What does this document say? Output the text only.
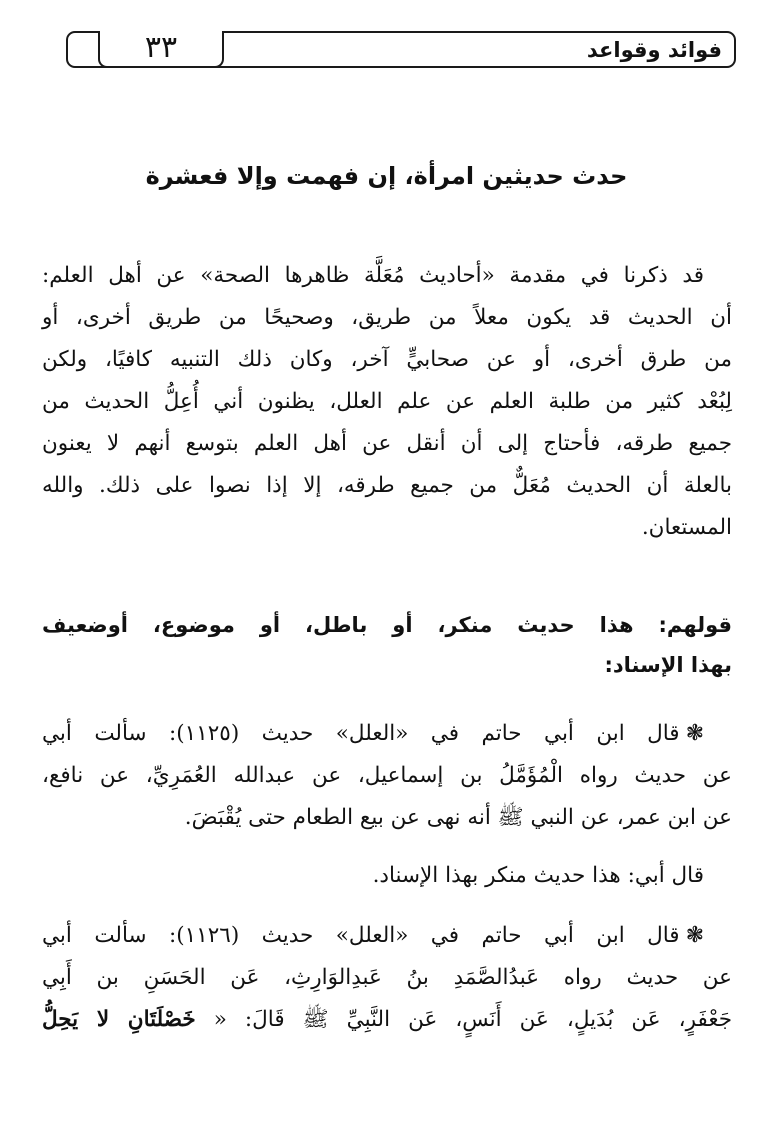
فوائد وقواعد
٣٣
حدث حديثين امرأة، إن فهمت وإلا فعشرة
قد ذكرنا في مقدمة «أحاديث مُعَلَّة ظاهرها الصحة» عن أهل العلم:
أن الحديث قد يكون معلاً من طريق، وصحيحًا من طريق أخرى، أو
من طرق أخرى، أو عن صحابيٍّ آخر، وكان ذلك التنبيه كافيًا، ولكن
لِبُعْد كثير من طلبة العلم عن علم العلل، يظنون أني أُعِلُّ الحديث من
جميع طرقه، فأحتاج إلى أن أنقل عن أهل العلم بتوسع أنهم لا يعنون
بالعلة أن الحديث مُعَلٌّ من جميع طرقه، إلا إذا نصوا على ذلك. والله
المستعان.
قولهم: هذا حديث منكر، أو باطل، أو موضوع، أوضعيف
بهذا الإسناد:
❃قال ابن أبي حاتم في «العلل» حديث (١١٢٥): سألت أبي
عن حديث رواه الْمُؤَمَّلُ بن إسماعيل، عن عبدالله العُمَرِيِّ، عن نافع،
عن ابن عمر، عن النبي ﷺ أنه نهى عن بيع الطعام حتى يُقْبَضَ.
قال أبي: هذا حديث منكر بهذا الإسناد.
❃قال ابن أبي حاتم في «العلل» حديث (١١٢٦): سألت أبي
عن حديث رواه عَبدُالصَّمَدِ بنُ عَبدِالوَارِثِ، عَن الحَسَنِ بن أَبِي
جَعْفَرٍ، عَن بُدَيلٍ، عَن أَنَسٍ، عَن النَّبِيِّ ﷺ قَالَ: « خَصْلَتَانِ لا يَحِلُّ
